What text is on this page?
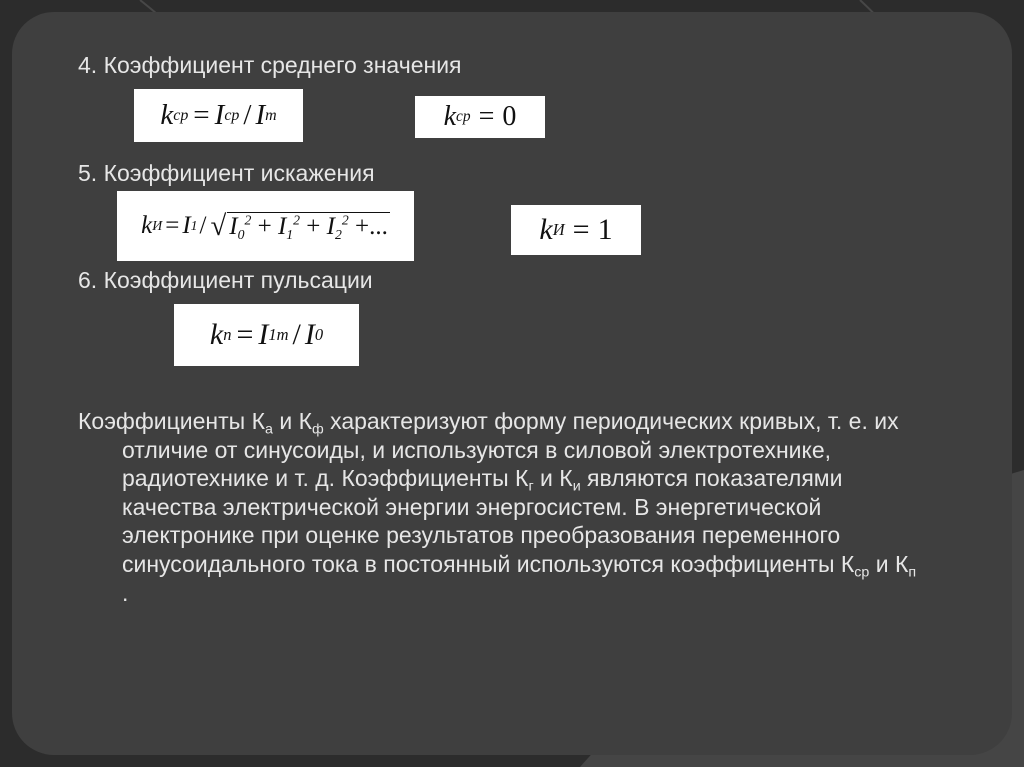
4. Коэффициент среднего значения
k ср = I ср / I т	k ср = 0
5. Коэффициент искажения
k И = I 1 / √ $I_0^2 + I_1^2 + I_2^2$ +...	k И = 1
6. Коэффициент пульсации
k п = I 1т / I 0
Коэффициенты $К_а$ и $К_ф$ характеризуют форму периодических кривых, т. е. их отличие от синусоиды, и используются в силовой электротехнике, радиотехнике и т. д. Коэффициенты $К_г$ и $К_и$ являются показателями качества электрической энергии энергосистем. В энергетической электронике при оценке результатов преобразования переменного синусоидального тока в постоянный используются коэффициенты $К_{ср}$ и $К_п$ .
